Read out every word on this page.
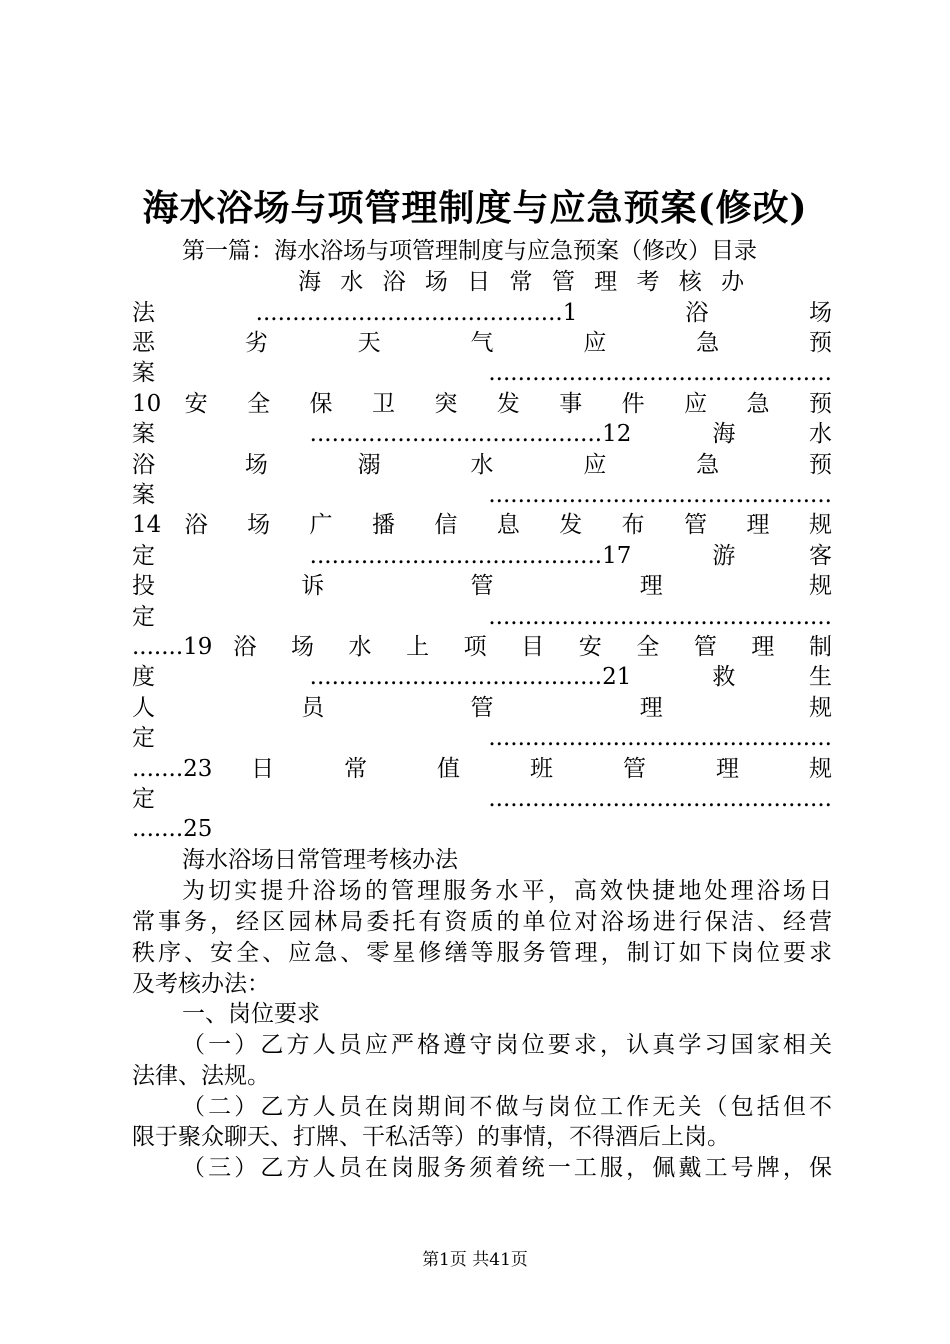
海水浴场与项管理制度与应急预案(修改)
第一篇：海水浴场与项管理制度与应急预案（修改）目录
海 水 浴 场 日 常 管 理 考 核 办
法..........................................1 浴场
恶 劣 天 气 应 急 预
案...............................................
10 安 全 保 卫 突 发 事 件 应 急 预
案 ........................................12 海水
浴 场 溺 水 应 急 预
案...............................................
14 浴 场 广 播 信 息 发 布 管 理 规
定 ........................................17 游客
投 诉 管 理 规
定...............................................
.......19 浴 场 水 上 项 目 安 全 管 理 制
度 ........................................21 救生
人 员 管 理 规
定...............................................
.......23 日 常 值 班 管 理 规
定...............................................
.......25
海水浴场日常管理考核办法
为切实提升浴场的管理服务水平，高效快捷地处理浴场日
常事务，经区园林局委托有资质的单位对浴场进行保洁、经营
秩序、安全、应急、零星修缮等服务管理，制订如下岗位要求
及考核办法：
一、岗位要求
（一）乙方人员应严格遵守岗位要求，认真学习国家相关
法律、法规。
（二）乙方人员在岗期间不做与岗位工作无关（包括但不
限于聚众聊天、打牌、干私活等）的事情，不得酒后上岗。
（三）乙方人员在岗服务须着统一工服，佩戴工号牌，保
第1页 共41页
